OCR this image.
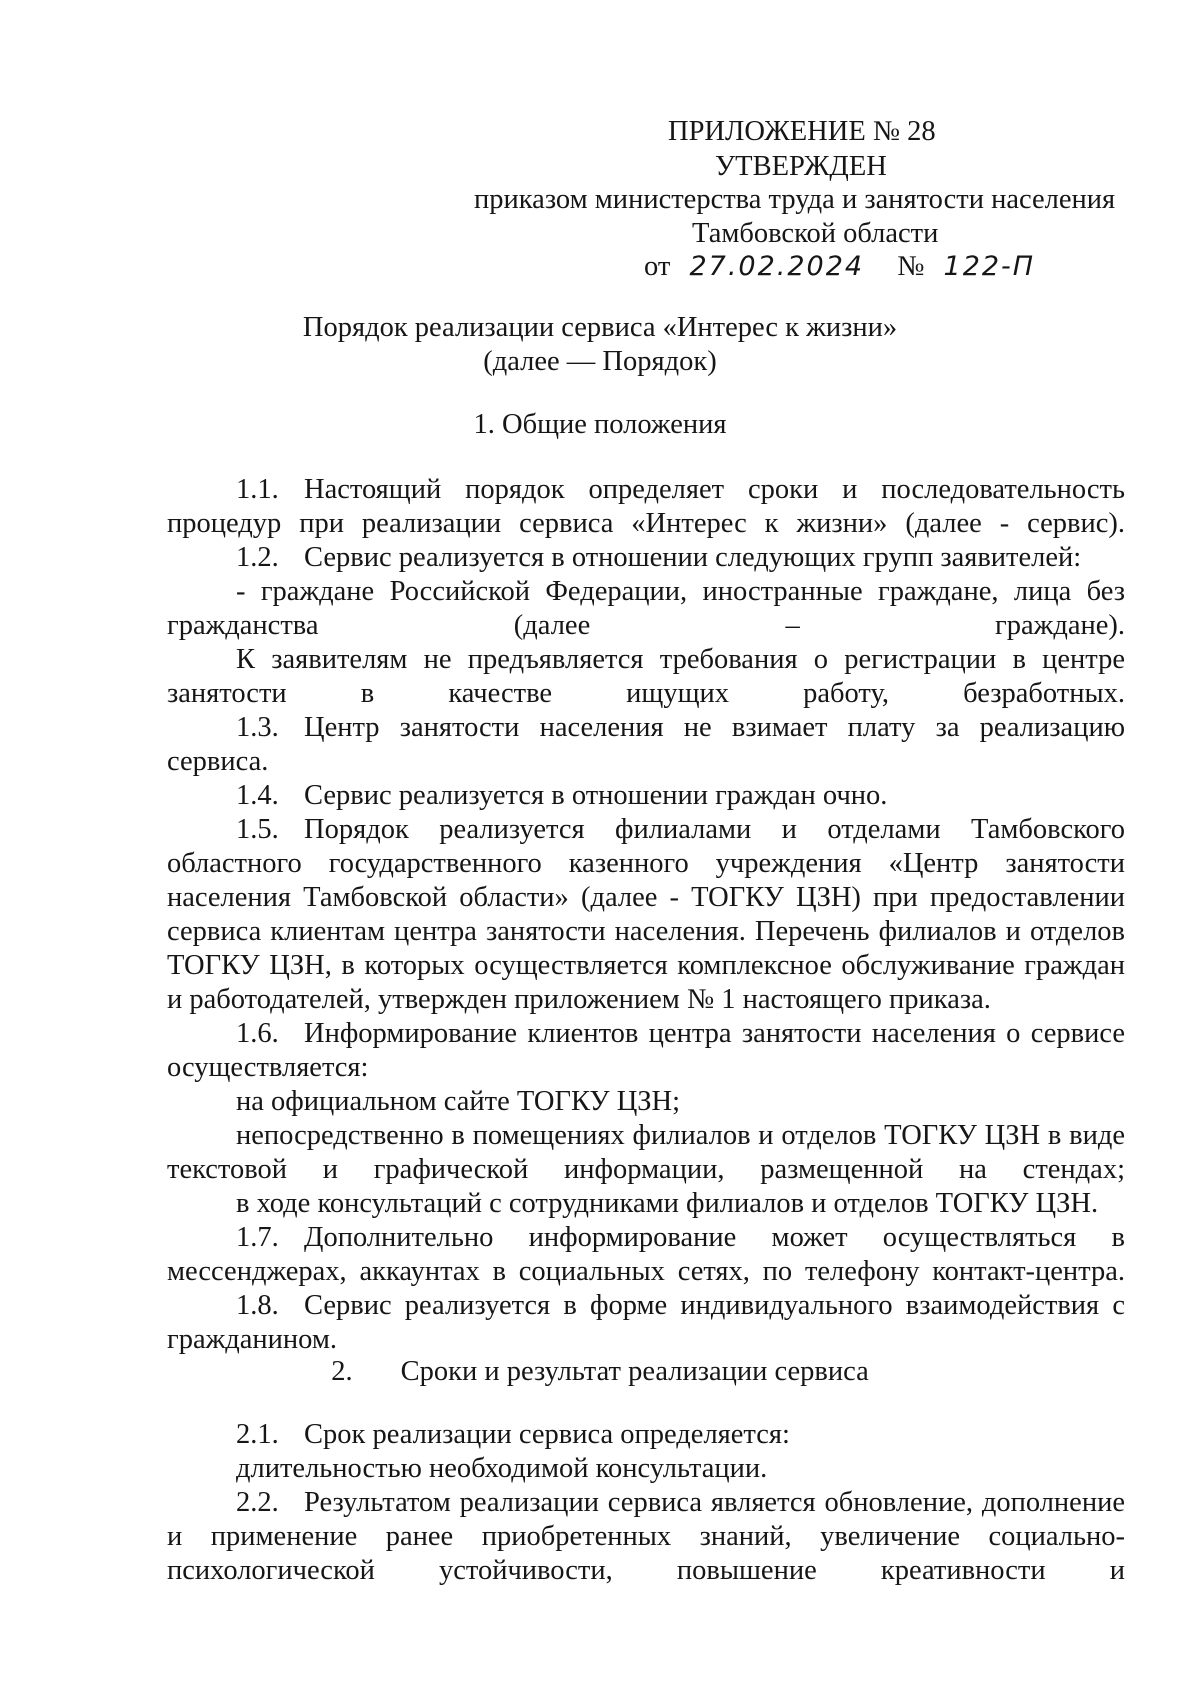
ПРИЛОЖЕНИЕ № 28
УТВЕРЖДЕН
приказом министерства труда и занятости населения
Тамбовской области
от 27.02.2024 № 122-П
Порядок реализации сервиса «Интерес к жизни»
(далее — Порядок)
1. Общие положения

1.1. Настоящий порядок определяет сроки и последовательность процедур при реализации сервиса «Интерес к жизни» (далее - сервис).

1.2. Сервис реализуется в отношении следующих групп заявителей:

- граждане Российской Федерации, иностранные граждане, лица без гражданства (далее – граждане).

К заявителям не предъявляется требования о регистрации в центре занятости в качестве ищущих работу, безработных.

1.3. Центр занятости населения не взимает плату за реализацию сервиса.

1.4. Сервис реализуется в отношении граждан очно.

1.5. Порядок реализуется филиалами и отделами Тамбовского областного государственного казенного учреждения «Центр занятости населения Тамбовской области» (далее - ТОГКУ ЦЗН) при предоставлении сервиса клиентам центра занятости населения. Перечень филиалов и отделов ТОГКУ ЦЗН, в которых осуществляется комплексное обслуживание граждан и работодателей, утвержден приложением № 1 настоящего приказа.

1.6. Информирование клиентов центра занятости населения о сервисе осуществляется:

на официальном сайте ТОГКУ ЦЗН;

непосредственно в помещениях филиалов и отделов ТОГКУ ЦЗН в виде текстовой и графической информации, размещенной на стендах;

в ходе консультаций с сотрудниками филиалов и отделов ТОГКУ ЦЗН.

1.7. Дополнительно информирование может осуществляться в мессенджерах, аккаунтах в социальных сетях, по телефону контакт-центра.

1.8. Сервис реализуется в форме индивидуального взаимодействия с гражданином.

2. Сроки и результат реализации сервиса

2.1. Срок реализации сервиса определяется:

длительностью необходимой консультации.

2.2. Результатом реализации сервиса является обновление, дополнение и применение ранее приобретенных знаний, увеличение социально-психологической устойчивости, повышение креативности и
